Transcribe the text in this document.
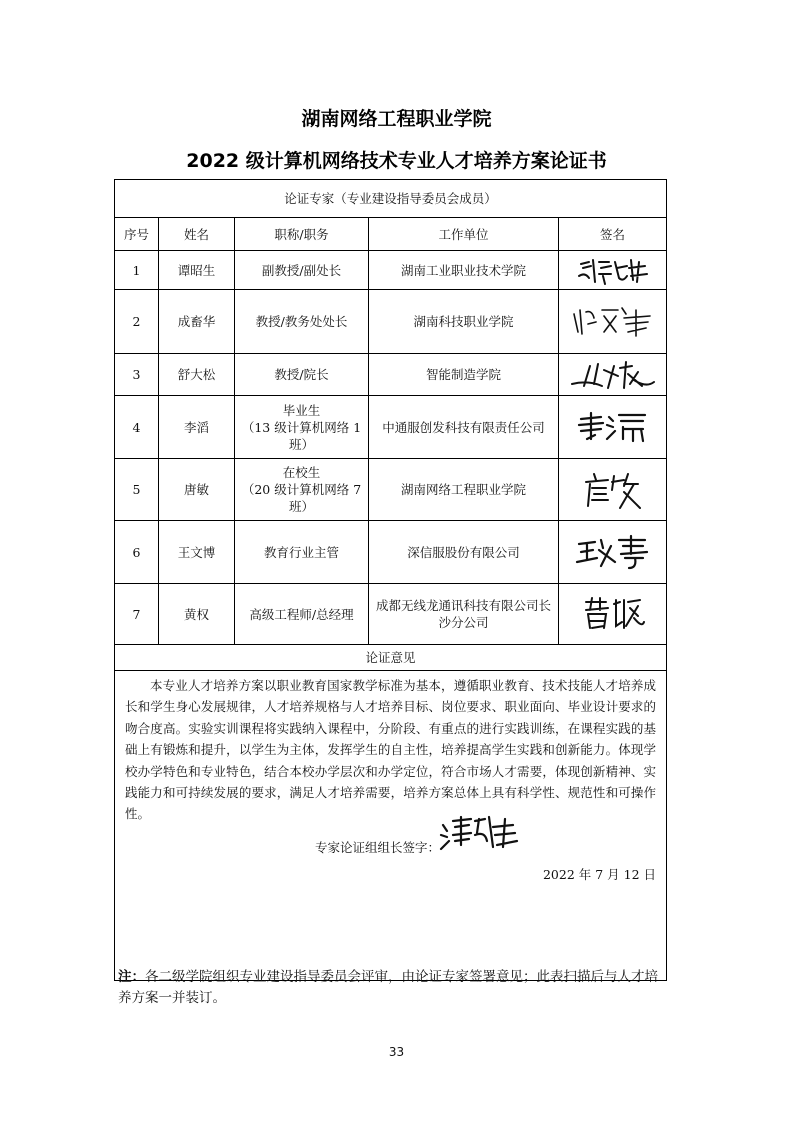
湖南网络工程职业学院
2022 级计算机网络技术专业人才培养方案论证书
论证专家（专业建设指导委员会成员）				
序号	姓名	职称/职务	工作单位	签名
1	谭昭生	副教授/副处长	湖南工业职业技术学院	

2	成畜华	教授/教务处处长	湖南科技职业学院	

3	舒大松	教授/院长	智能制造学院	

4	李滔	毕业生
（13 级计算机网络 1
班）	中通服创发科技有限责任公司	

5	唐敏	在校生
（20 级计算机网络 7
班）	湖南网络工程职业学院	

6	王文博	教育行业主管	深信服股份有限公司	

7	黄权	高级工程师/总经理	成都无线龙通讯科技有限公司长
沙分公司

论证意见				

本专业人才培养方案以职业教育国家教学标准为基本，遵循职业教育、技术技能人才培养成长和学生身心发展规律，人才培养规格与人才培养目标、岗位要求、职业面向、毕业设计要求的吻合度高。实验实训课程将实践纳入课程中，分阶段、有重点的进行实践训练，在课程实践的基础上有锻炼和提升，以学生为主体，发挥学生的自主性，培养提高学生实践和创新能力。体现学校办学特色和专业特色，结合本校办学层次和办学定位，符合市场人才需要，体现创新精神、实践能力和可持续发展的要求，满足人才培养需要，培养方案总体上具有科学性、规范性和可操作性。
专家论证组组长签字：
2022 年 7 月 12 日				
注：各二级学院组织专业建设指导委员会评审，由论证专家签署意见；此表扫描后与人才培养方案一并装订。
33
